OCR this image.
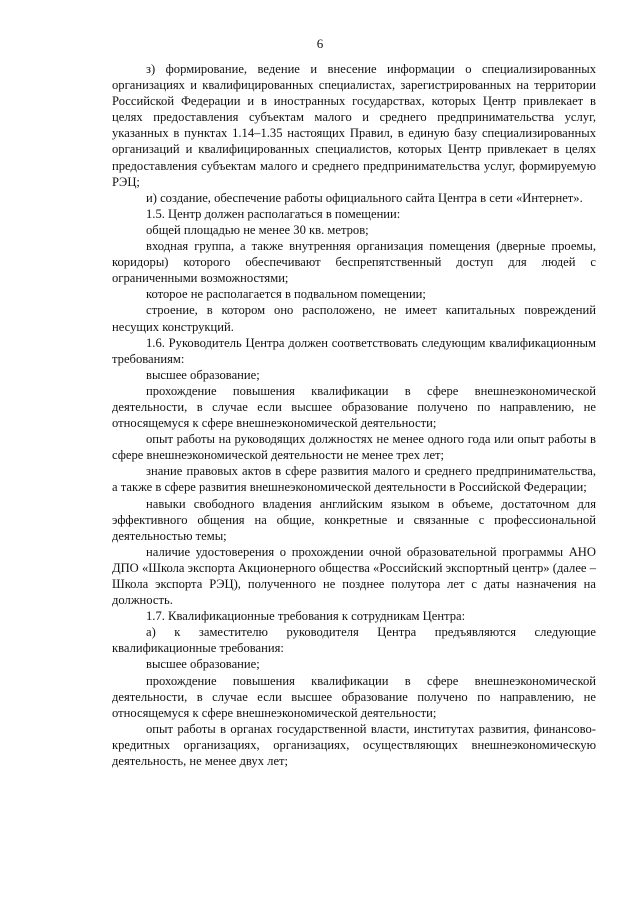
6

з) формирование, ведение и внесение информации о специализированных организациях и квалифицированных специалистах, зарегистрированных на территории Российской Федерации и в иностранных государствах, которых Центр привлекает в целях предоставления субъектам малого и среднего предпринимательства услуг, указанных в пунктах 1.14–1.35 настоящих Правил, в единую базу специализированных организаций и квалифицированных специалистов, которых Центр привлекает в целях предоставления субъектам малого и среднего предпринимательства услуг, формируемую РЭЦ;

и) создание, обеспечение работы официального сайта Центра в сети «Интернет».

1.5. Центр должен располагаться в помещении:

общей площадью не менее 30 кв. метров;

входная группа, а также внутренняя организация помещения (дверные проемы, коридоры) которого обеспечивают беспрепятственный доступ для людей с ограниченными возможностями;

которое не располагается в подвальном помещении;

строение, в котором оно расположено, не имеет капитальных повреждений несущих конструкций.

1.6. Руководитель Центра должен соответствовать следующим квалификационным требованиям:

высшее образование;

прохождение повышения квалификации в сфере внешнеэкономической деятельности, в случае если высшее образование получено по направлению, не относящемуся к сфере внешнеэкономической деятельности;

опыт работы на руководящих должностях не менее одного года или опыт работы в сфере внешнеэкономической деятельности не менее трех лет;

знание правовых актов в сфере развития малого и среднего предпринимательства, а также в сфере развития внешнеэкономической деятельности в Российской Федерации;

навыки свободного владения английским языком в объеме, достаточном для эффективного общения на общие, конкретные и связанные с профессиональной деятельностью темы;

наличие удостоверения о прохождении очной образовательной программы АНО ДПО «Школа экспорта Акционерного общества «Российский экспортный центр» (далее – Школа экспорта РЭЦ), полученного не позднее полутора лет с даты назначения на должность.

1.7. Квалификационные требования к сотрудникам Центра:

а) к заместителю руководителя Центра предъявляются следующие квалификационные требования:

высшее образование;

прохождение повышения квалификации в сфере внешнеэкономической деятельности, в случае если высшее образование получено по направлению, не относящемуся к сфере внешнеэкономической деятельности;

опыт работы в органах государственной власти, институтах развития, финансово-кредитных организациях, организациях, осуществляющих внешнеэкономическую деятельность, не менее двух лет;
